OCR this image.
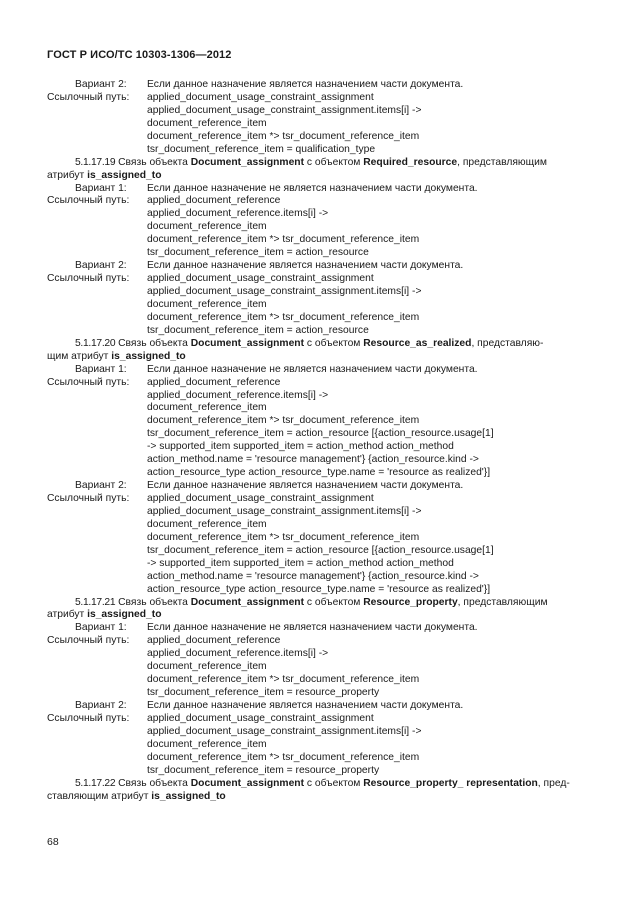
ГОСТ Р ИСО/ТС 10303-1306—2012
Вариант 2: Если данное назначение является назначением части документа.
Ссылочный путь: applied_document_usage_constraint_assignment
applied_document_usage_constraint_assignment.items[i] ->
document_reference_item
document_reference_item *> tsr_document_reference_item
tsr_document_reference_item = qualification_type
5.1.17.19 Связь объекта Document_assignment с объектом Required_resource, представляющим
атрибут is_assigned_to
Вариант 1: Если данное назначение не является назначением части документа.
Ссылочный путь: applied_document_reference
applied_document_reference.items[i] ->
document_reference_item
document_reference_item *> tsr_document_reference_item
tsr_document_reference_item = action_resource
Вариант 2: Если данное назначение является назначением части документа.
Ссылочный путь: applied_document_usage_constraint_assignment
applied_document_usage_constraint_assignment.items[i] ->
document_reference_item
document_reference_item *> tsr_document_reference_item
tsr_document_reference_item = action_resource
5.1.17.20 Связь объекта Document_assignment с объектом Resource_as_realized, представляю-
щим атрибут is_assigned_to
Вариант 1: Если данное назначение не является назначением части документа.
Ссылочный путь: applied_document_reference
applied_document_reference.items[i] ->
document_reference_item
document_reference_item *> tsr_document_reference_item
tsr_document_reference_item = action_resource [{action_resource.usage[1]
-> supported_item supported_item = action_method action_method
action_method.name = 'resource management'} {action_resource.kind ->
action_resource_type action_resource_type.name = 'resource as realized'}]
Вариант 2: Если данное назначение является назначением части документа.
Ссылочный путь: applied_document_usage_constraint_assignment
applied_document_usage_constraint_assignment.items[i] ->
document_reference_item
document_reference_item *> tsr_document_reference_item
tsr_document_reference_item = action_resource [{action_resource.usage[1]
-> supported_item supported_item = action_method action_method
action_method.name = 'resource management'} {action_resource.kind ->
action_resource_type action_resource_type.name = 'resource as realized'}]
5.1.17.21 Связь объекта Document_assignment с объектом Resource_property, представляющим
атрибут is_assigned_to
Вариант 1: Если данное назначение не является назначением части документа.
Ссылочный путь: applied_document_reference
applied_document_reference.items[i] ->
document_reference_item
document_reference_item *> tsr_document_reference_item
tsr_document_reference_item = resource_property
Вариант 2: Если данное назначение является назначением части документа.
Ссылочный путь: applied_document_usage_constraint_assignment
applied_document_usage_constraint_assignment.items[i] ->
document_reference_item
document_reference_item *> tsr_document_reference_item
tsr_document_reference_item = resource_property
5.1.17.22 Связь объекта Document_assignment с объектом Resource_property_ representation, пред-
ставляющим атрибут is_assigned_to
68
